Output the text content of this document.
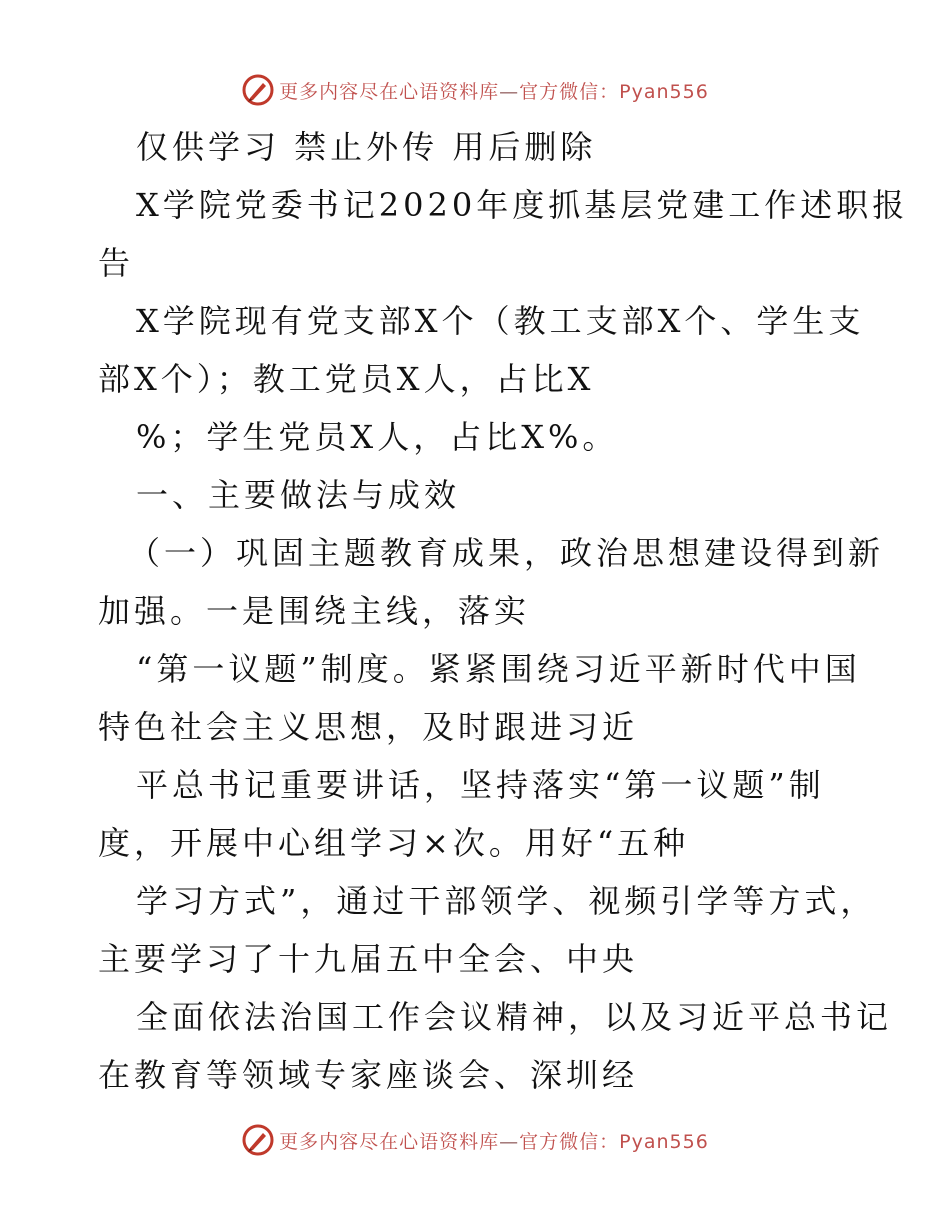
更多内容尽在心语资料库—官方微信：Pyan556
仅供学习 禁止外传 用后删除
X学院党委书记2020年度抓基层党建工作述职报
告
X学院现有党支部X个（教工支部X个、学生支
部X个）；教工党员X人，占比X
%；学生党员X人，占比X%。
一、主要做法与成效
（一）巩固主题教育成果，政治思想建设得到新
加强。一是围绕主线，落实
“第一议题”制度。紧紧围绕习近平新时代中国
特色社会主义思想，及时跟进习近
平总书记重要讲话，坚持落实“第一议题”制
度，开展中心组学习×次。用好“五种
学习方式”，通过干部领学、视频引学等方式，
主要学习了十九届五中全会、中央
全面依法治国工作会议精神，以及习近平总书记
在教育等领域专家座谈会、深圳经
更多内容尽在心语资料库—官方微信：Pyan556
